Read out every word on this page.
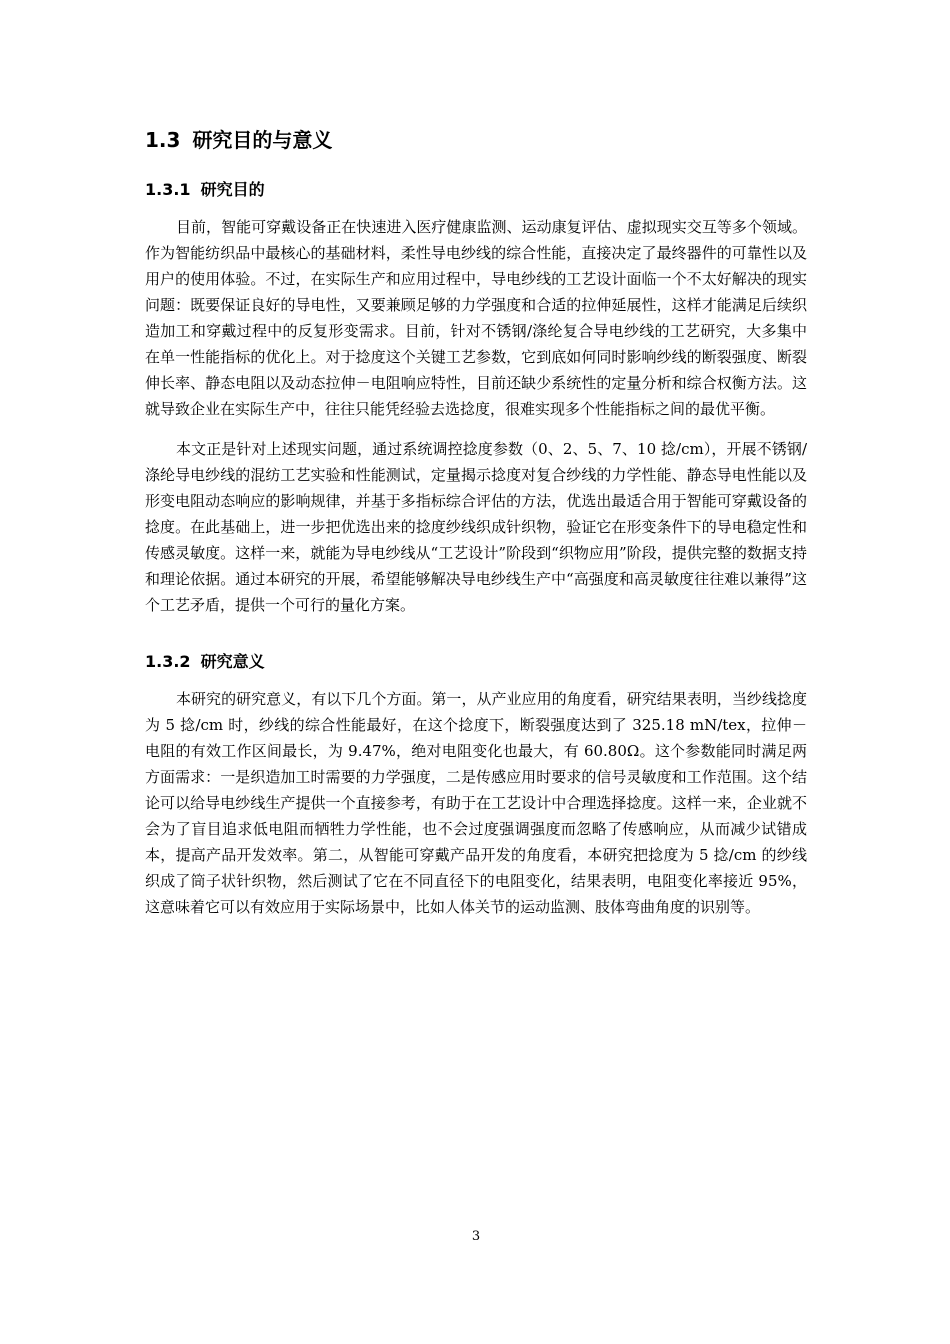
1.3 研究目的与意义
1.3.1 研究目的

目前，智能可穿戴设备正在快速进入医疗健康监测、运动康复评估、虚拟现实交互等多个领域。作为智能纺织品中最核心的基础材料，柔性导电纱线的综合性能，直接决定了最终器件的可靠性以及用户的使用体验。不过，在实际生产和应用过程中，导电纱线的工艺设计面临一个不太好解决的现实问题：既要保证良好的导电性，又要兼顾足够的力学强度和合适的拉伸延展性，这样才能满足后续织造加工和穿戴过程中的反复形变需求。目前，针对不锈钢/涤纶复合导电纱线的工艺研究，大多集中在单一性能指标的优化上。对于捻度这个关键工艺参数，它到底如何同时影响纱线的断裂强度、断裂伸长率、静态电阻以及动态拉伸－电阻响应特性，目前还缺少系统性的定量分析和综合权衡方法。这就导致企业在实际生产中，往往只能凭经验去选捻度，很难实现多个性能指标之间的最优平衡。

本文正是针对上述现实问题，通过系统调控捻度参数（0、2、5、7、10 捻/cm），开展不锈钢/涤纶导电纱线的混纺工艺实验和性能测试，定量揭示捻度对复合纱线的力学性能、静态导电性能以及形变电阻动态响应的影响规律，并基于多指标综合评估的方法，优选出最适合用于智能可穿戴设备的捻度。在此基础上，进一步把优选出来的捻度纱线织成针织物，验证它在形变条件下的导电稳定性和传感灵敏度。这样一来，就能为导电纱线从“工艺设计”阶段到“织物应用”阶段，提供完整的数据支持和理论依据。通过本研究的开展，希望能够解决导电纱线生产中“高强度和高灵敏度往往难以兼得”这个工艺矛盾，提供一个可行的量化方案。

1.3.2 研究意义

本研究的研究意义，有以下几个方面。第一，从产业应用的角度看，研究结果表明，当纱线捻度为 5 捻/cm 时，纱线的综合性能最好，在这个捻度下，断裂强度达到了 325.18 mN/tex，拉伸－电阻的有效工作区间最长，为 9.47%，绝对电阻变化也最大，有 60.80Ω。这个参数能同时满足两方面需求：一是织造加工时需要的力学强度，二是传感应用时要求的信号灵敏度和工作范围。这个结论可以给导电纱线生产提供一个直接参考，有助于在工艺设计中合理选择捻度。这样一来，企业就不会为了盲目追求低电阻而牺牲力学性能，也不会过度强调强度而忽略了传感响应，从而减少试错成本，提高产品开发效率。第二，从智能可穿戴产品开发的角度看，本研究把捻度为 5 捻/cm 的纱线织成了筒子状针织物，然后测试了它在不同直径下的电阻变化，结果表明，电阻变化率接近 95%，这意味着它可以有效应用于实际场景中，比如人体关节的运动监测、肢体弯曲角度的识别等。

3
